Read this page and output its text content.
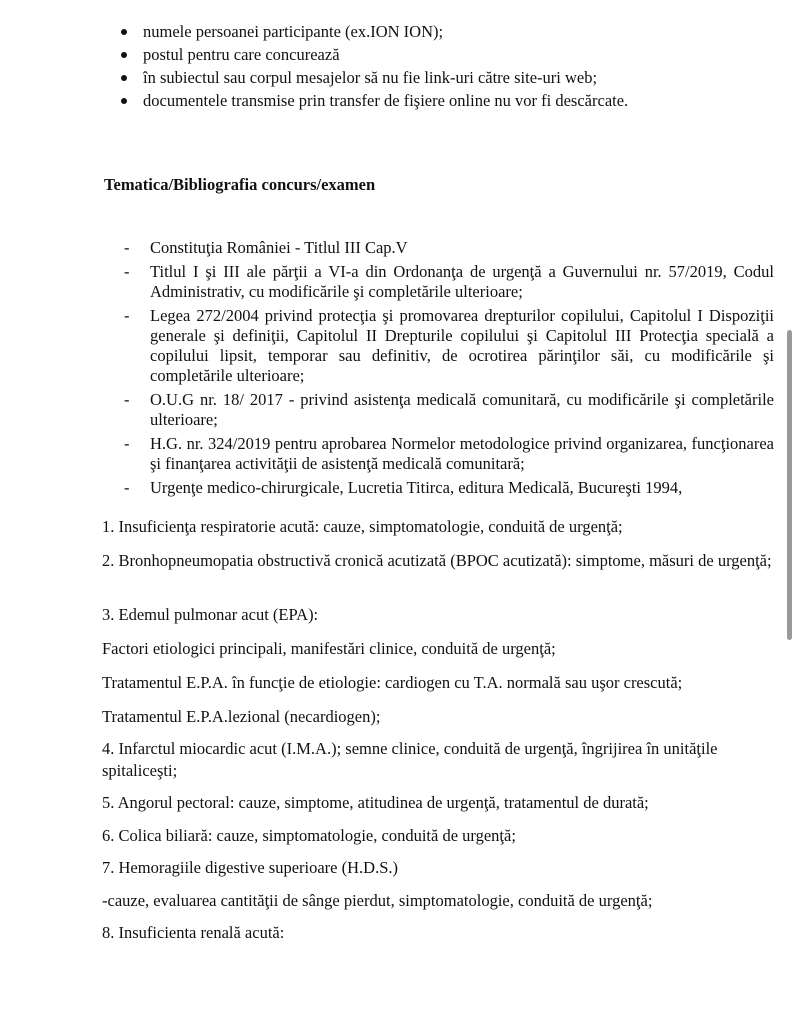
numele persoanei participante (ex.ION ION);
postul pentru care concurează
în subiectul sau corpul mesajelor să nu fie link-uri către site-uri web;
documentele transmise prin transfer de fişiere online nu vor fi descărcate.
Tematica/Bibliografia concurs/examen
- Constituţia României - Titlul III Cap.V
- Titlul I şi III ale părţii a VI-a din Ordonanţa de urgenţă a Guvernului nr. 57/2019, Codul Administrativ, cu modificările şi completările ulterioare;
- Legea 272/2004 privind protecţia şi promovarea drepturilor copilului, Capitolul I Dispoziţii generale şi definiţii, Capitolul II Drepturile copilului şi Capitolul III Protecţia specială a copilului lipsit, temporar sau definitiv, de ocrotirea părinţilor săi, cu modificările şi completările ulterioare;
- O.U.G nr. 18/ 2017 - privind asistenţa medicală comunitară, cu modificările şi completările ulterioare;
- H.G. nr. 324/2019 pentru aprobarea Normelor metodologice privind organizarea, funcţionarea şi finanţarea activităţii de asistenţă medicală comunitară;
- Urgenţe medico-chirurgicale, Lucretia Titirca, editura Medicală, Bucureşti 1994,
1. Insuficienţa respiratorie acută: cauze, simptomatologie, conduită de urgenţă;
2. Bronhopneumopatia obstructivă cronică acutizată (BPOC acutizată): simptome, măsuri de urgenţă;
3. Edemul pulmonar acut (EPA):
Factori etiologici principali, manifestări clinice, conduită de urgenţă;
Tratamentul E.P.A. în funcţie de etiologie: cardiogen cu T.A. normală sau uşor crescută;
Tratamentul E.P.A.lezional (necardiogen);
4. Infarctul miocardic acut (I.M.A.); semne clinice, conduită de urgenţă, îngrijirea în unităţile spitaliceşti;
5. Angorul pectoral: cauze, simptome, atitudinea de urgenţă, tratamentul de durată;
6. Colica biliară: cauze, simptomatologie, conduită de urgenţă;
7. Hemoragiile digestive superioare (H.D.S.)
-cauze, evaluarea cantităţii de sânge pierdut, simptomatologie, conduită de urgenţă;
8. Insuficienta renală acută:
